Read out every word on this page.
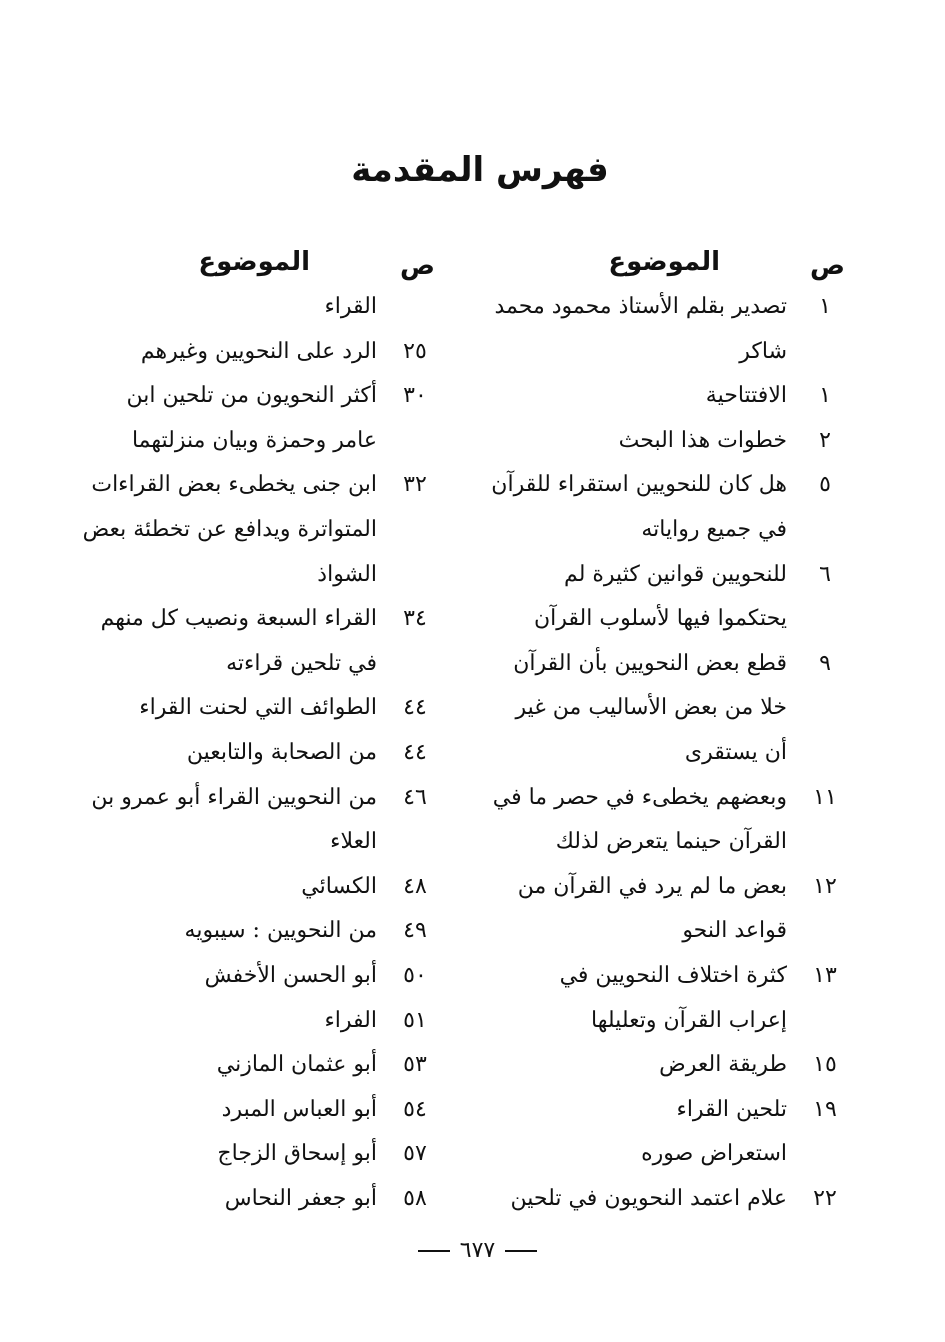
فهرس المقدمة
ص
الموضوع
١
تصدير بقلم الأستاذ محمود محمد
شاكر
١
الافتتاحية
٢
خطوات هذا البحث
٥
هل كان للنحويين استقراء للقرآن
في جميع رواياته
٦
للنحويين قوانين كثيرة لم
يحتكموا فيها لأسلوب القرآن
٩
قطع بعض النحويين بأن القرآن
خلا من بعض الأساليب من غير
أن يستقرى
١١
وبعضهم يخطىء في حصر ما في
القرآن حينما يتعرض لذلك
١٢
بعض ما لم يرد في القرآن من
قواعد النحو
١٣
كثرة اختلاف النحويين في
إعراب القرآن وتعليلها
١٥
طريقة العرض
١٩
تلحين القراء
استعراض صوره
٢٢
علام اعتمد النحويون في تلحين
ص
الموضوع
القراء
٢٥
الرد على النحويين وغيرهم
٣٠
أكثر النحويون من تلحين ابن
عامر وحمزة وبيان منزلتهما
٣٢
ابن جنى يخطىء بعض القراءات
المتواترة ويدافع عن تخطئة بعض
الشواذ
٣٤
القراء السبعة ونصيب كل منهم
في تلحين قراءته
٤٤
الطوائف التي لحنت القراء
٤٤
من الصحابة والتابعين
٤٦
من النحويين القراء أبو عمرو بن
العلاء
٤٨
الكسائي
٤٩
من النحويين : سيبويه
٥٠
أبو الحسن الأخفش
٥١
الفراء
٥٣
أبو عثمان المازني
٥٤
أبو العباس المبرد
٥٧
أبو إسحاق الزجاج
٥٨
أبو جعفر النحاس
٦٧٧
